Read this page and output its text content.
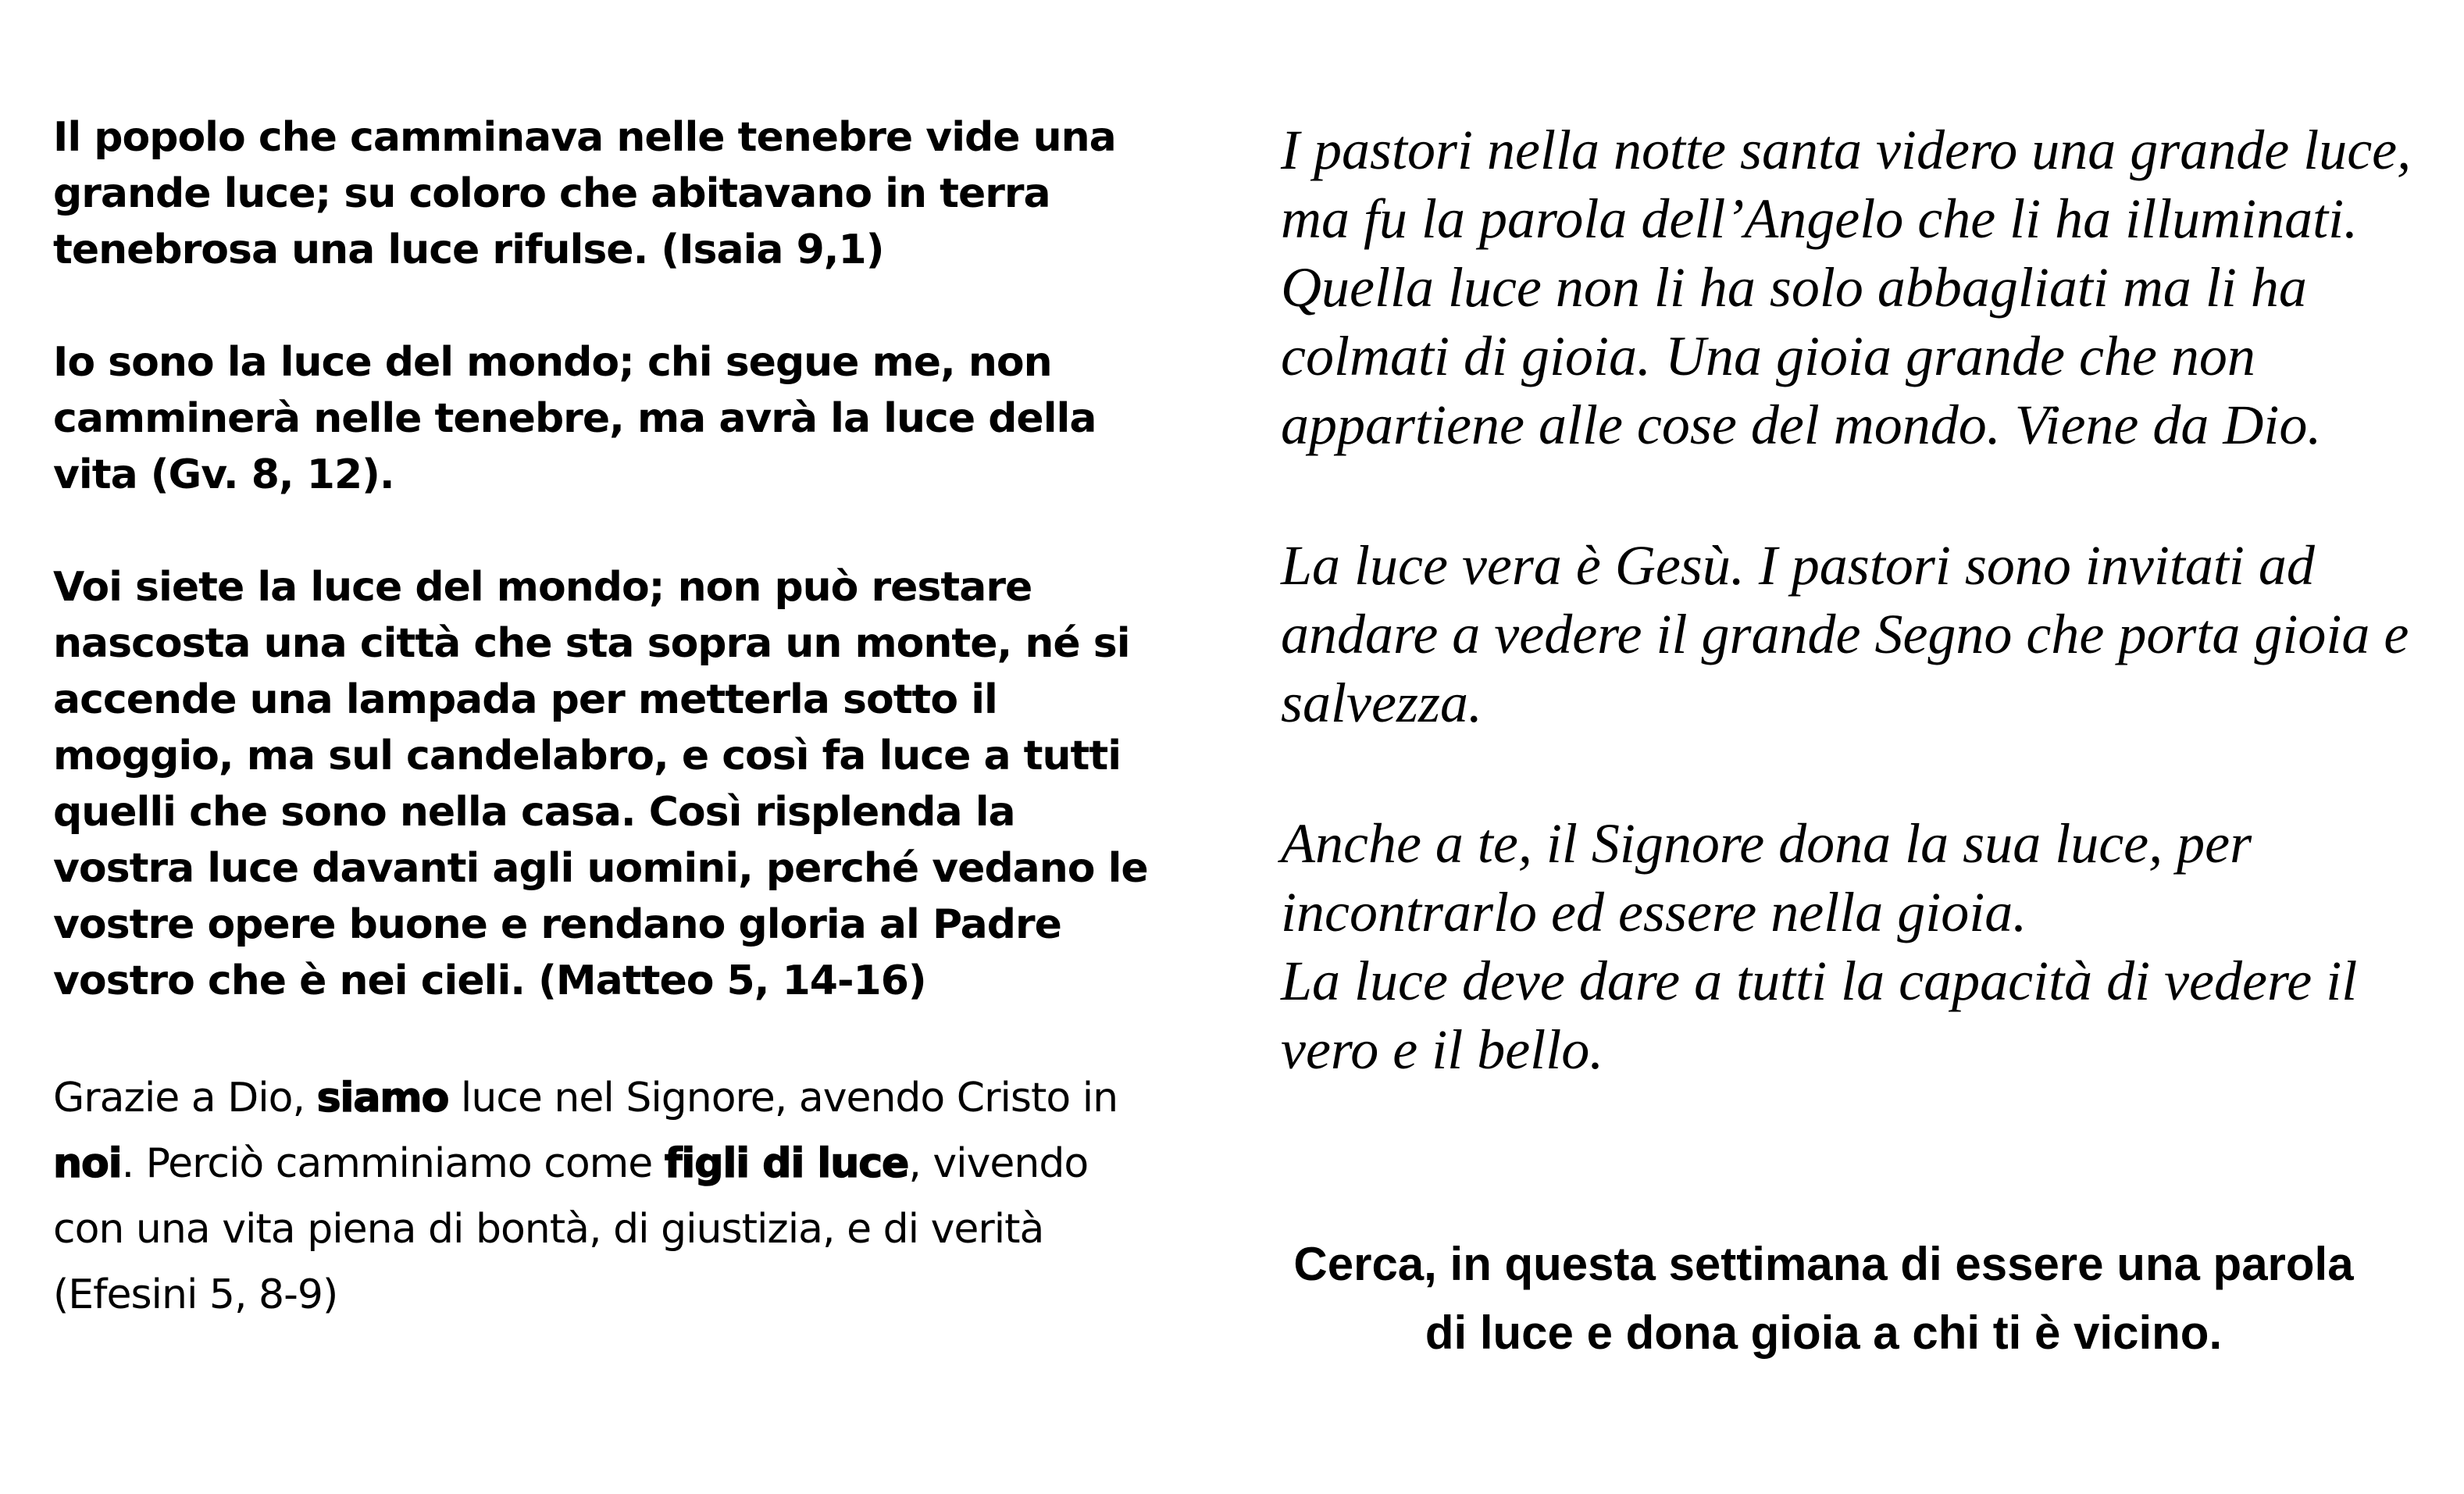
Il popolo che camminava nelle tenebre vide una grande luce; su coloro che abitavano in terra tenebrosa una luce rifulse. (Isaia 9,1)

Io sono la luce del mondo; chi segue me, non camminerà nelle tenebre, ma avrà la luce della vita (Gv. 8, 12).

Voi siete la luce del mondo; non può restare nascosta una città che sta sopra un monte, né si accende una lampada per metterla sotto il moggio, ma sul candelabro, e così fa luce a tutti quelli che sono nella casa. Così risplenda la vostra luce davanti agli uomini, perché vedano le vostre opere buone e rendano gloria al Padre vostro che è nei cieli. (Matteo 5, 14-16)

Grazie a Dio, siamo luce nel Signore, avendo Cristo in noi. Perciò camminiamo come figli di luce, vivendo con una vita piena di bontà, di giustizia, e di verità (Efesini 5, 8-9)

I pastori nella notte santa videro una grande luce, ma fu la parola dell’Angelo che li ha illuminati. Quella luce non li ha solo abbagliati ma li ha colmati di gioia. Una gioia grande che non appartiene alle cose del mondo. Viene da Dio.

La luce vera è Gesù. I pastori sono invitati ad andare a vedere il grande Segno che porta gioia e salvezza.

Anche a te, il Signore dona la sua luce, per incontrarlo ed essere nella gioia.
La luce deve dare a tutti la capacità di vedere il vero e il bello.

Cerca, in questa settimana di essere una parola di luce e dona gioia a chi ti è vicino.
